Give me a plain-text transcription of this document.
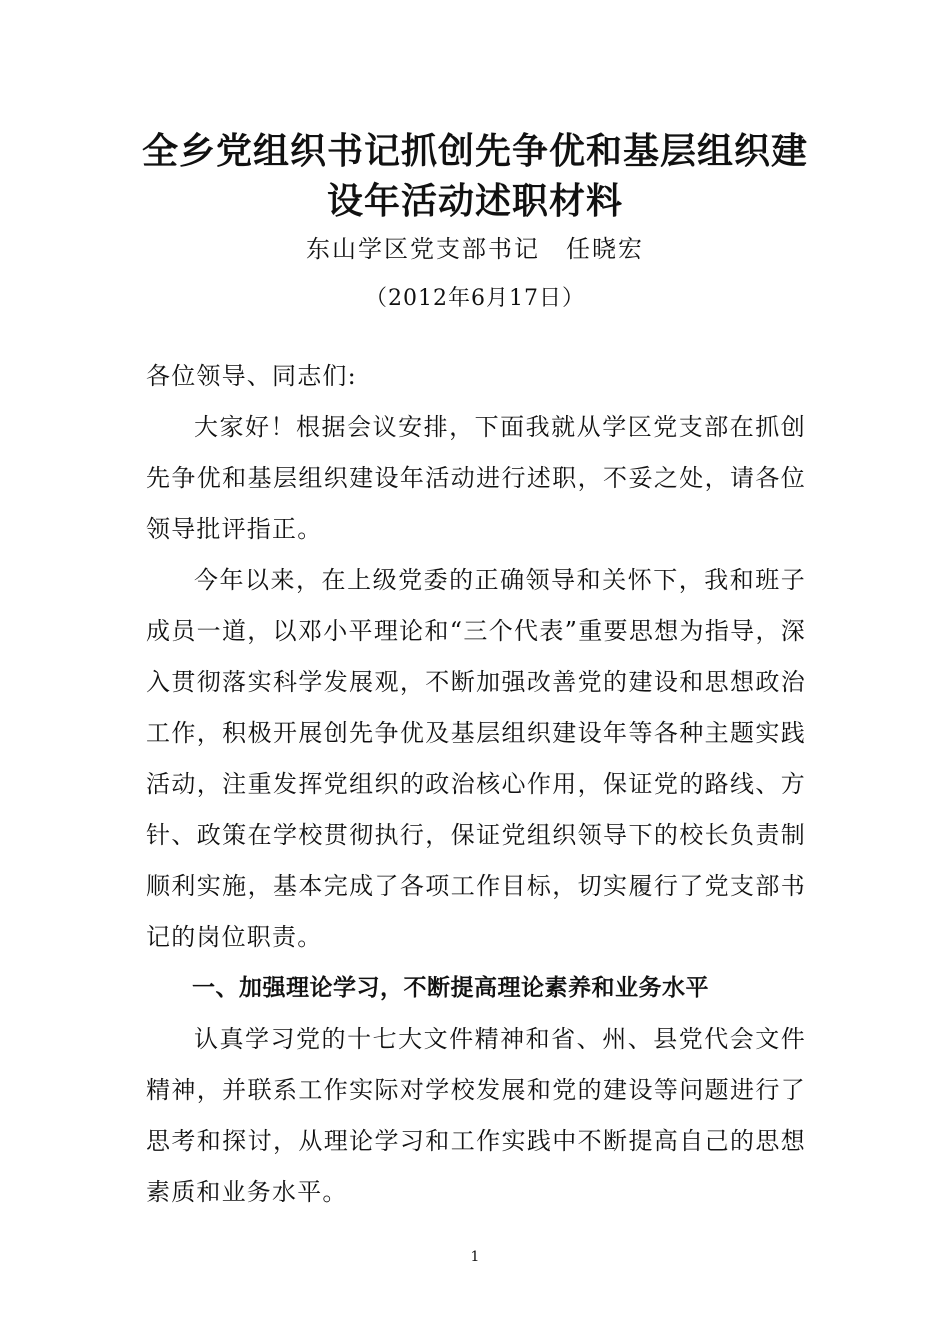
全乡党组织书记抓创先争优和基层组织建
设年活动述职材料
东山学区党支部书记　任晓宏
（2012年6月17日）

各位领导、同志们:

大家好！根据会议安排，下面我就从学区党支部在抓创先争优和基层组织建设年活动进行述职，不妥之处，请各位领导批评指正。

今年以来，在上级党委的正确领导和关怀下，我和班子成员一道，以邓小平理论和“三个代表”重要思想为指导，深入贯彻落实科学发展观，不断加强改善党的建设和思想政治工作，积极开展创先争优及基层组织建设年等各种主题实践活动，注重发挥党组织的政治核心作用，保证党的路线、方针、政策在学校贯彻执行，保证党组织领导下的校长负责制顺利实施，基本完成了各项工作目标，切实履行了党支部书记的岗位职责。

一、加强理论学习，不断提高理论素养和业务水平

认真学习党的十七大文件精神和省、州、县党代会文件精神，并联系工作实际对学校发展和党的建设等问题进行了思考和探讨，从理论学习和工作实践中不断提高自己的思想素质和业务水平。

1
